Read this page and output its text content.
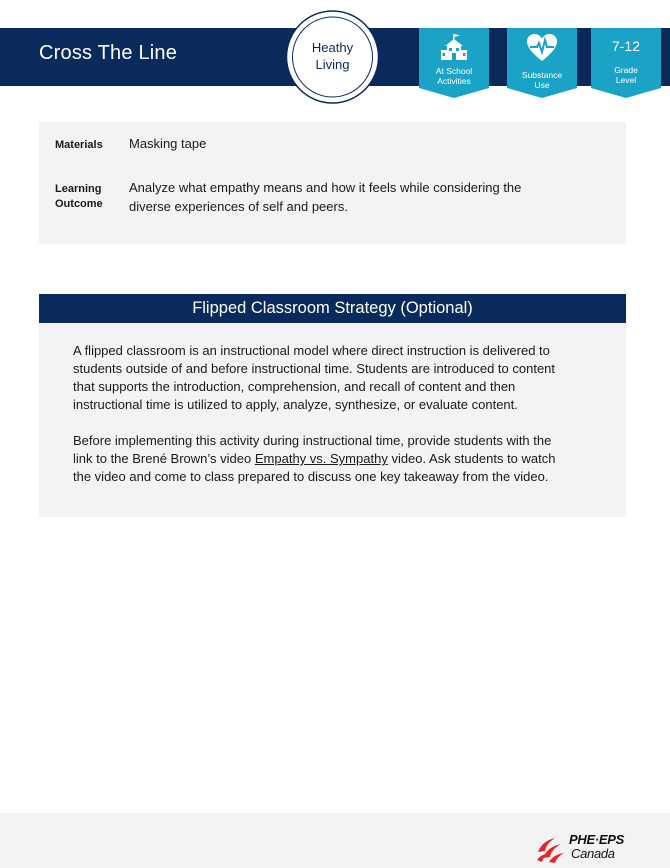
Cross The Line	Heathy
Living	At School
Activities
Substance
Use
7-12
Grade
Level
Materials Masking tape
Learning
Outcome
Analyze what empathy means and how it feels while considering the
diverse experiences of self and peers.
Flipped Classroom Strategy (Optional)
A flipped classroom is an instructional model where direct instruction is delivered to
students outside of and before instructional time. Students are introduced to content
that supports the introduction, comprehension, and recall of content and then
instructional time is utilized to apply, analyze, synthesize, or evaluate content.
Before implementing this activity during instructional time, provide students with the
link to the Brené Brown’s video Empathy vs. Sympathy video. Ask students to watch
the video and come to class prepared to discuss one key takeaway from the video.
PHE·EPS
Canada
